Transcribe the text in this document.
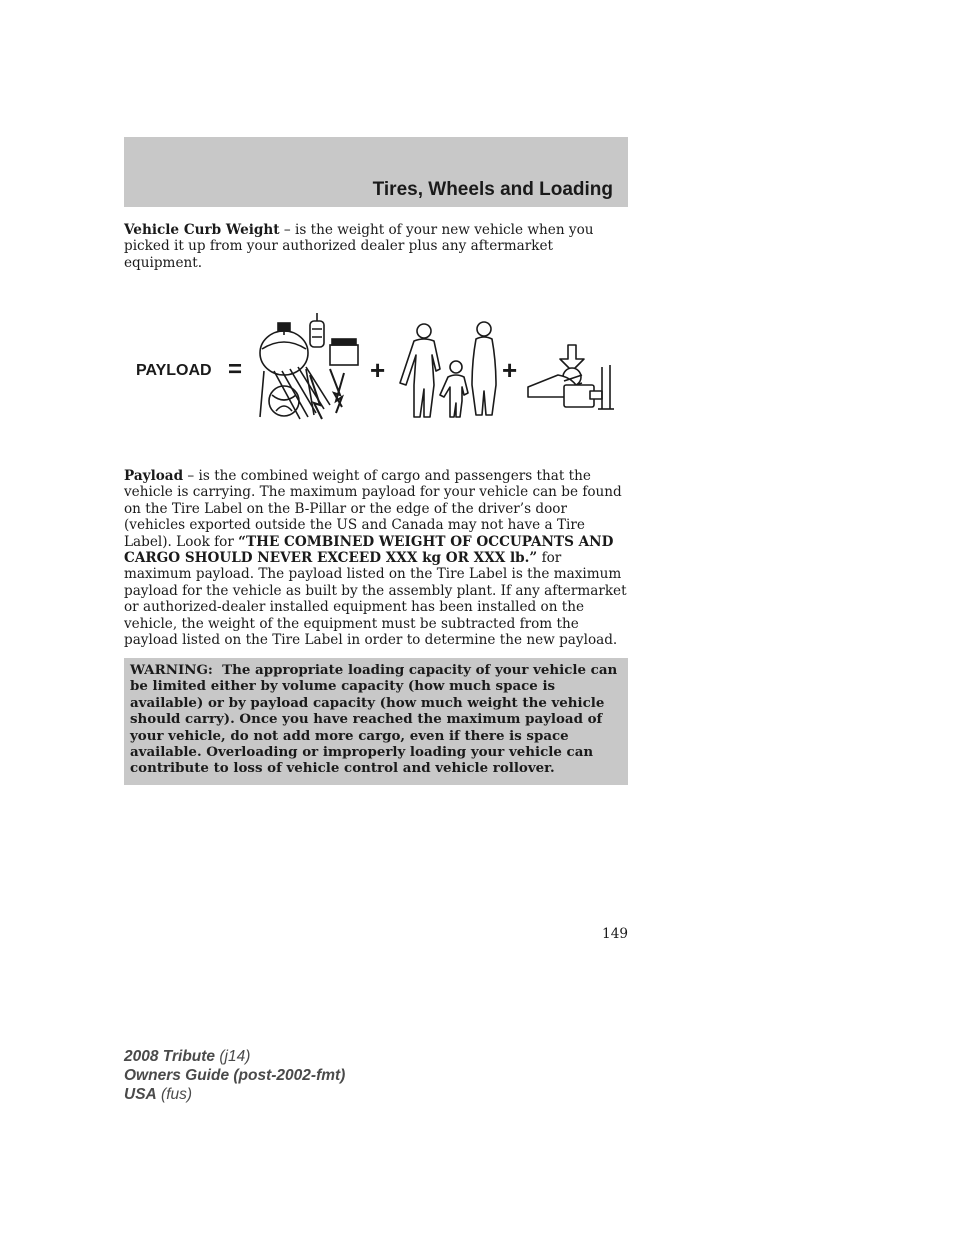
Tires, Wheels and Loading
Vehicle Curb Weight – is the weight of your new vehicle when you picked it up from your authorized dealer plus any aftermarket equipment.
PAYLOAD =	+	+
Payload – is the combined weight of cargo and passengers that the vehicle is carrying. The maximum payload for your vehicle can be found on the Tire Label on the B-Pillar or the edge of the driver’s door (vehicles exported outside the US and Canada may not have a Tire Label). Look for “THE COMBINED WEIGHT OF OCCUPANTS AND CARGO SHOULD NEVER EXCEED XXX kg OR XXX lb.” for maximum payload. The payload listed on the Tire Label is the maximum payload for the vehicle as built by the assembly plant. If any aftermarket or authorized-dealer installed equipment has been installed on the vehicle, the weight of the equipment must be subtracted from the payload listed on the Tire Label in order to determine the new payload.
WARNING: The appropriate loading capacity of your vehicle can be limited either by volume capacity (how much space is available) or by payload capacity (how much weight the vehicle should carry). Once you have reached the maximum payload of your vehicle, do not add more cargo, even if there is space available. Overloading or improperly loading your vehicle can contribute to loss of vehicle control and vehicle rollover.
149
2008 Tribute (j14)
Owners Guide (post-2002-fmt)
USA (fus)
